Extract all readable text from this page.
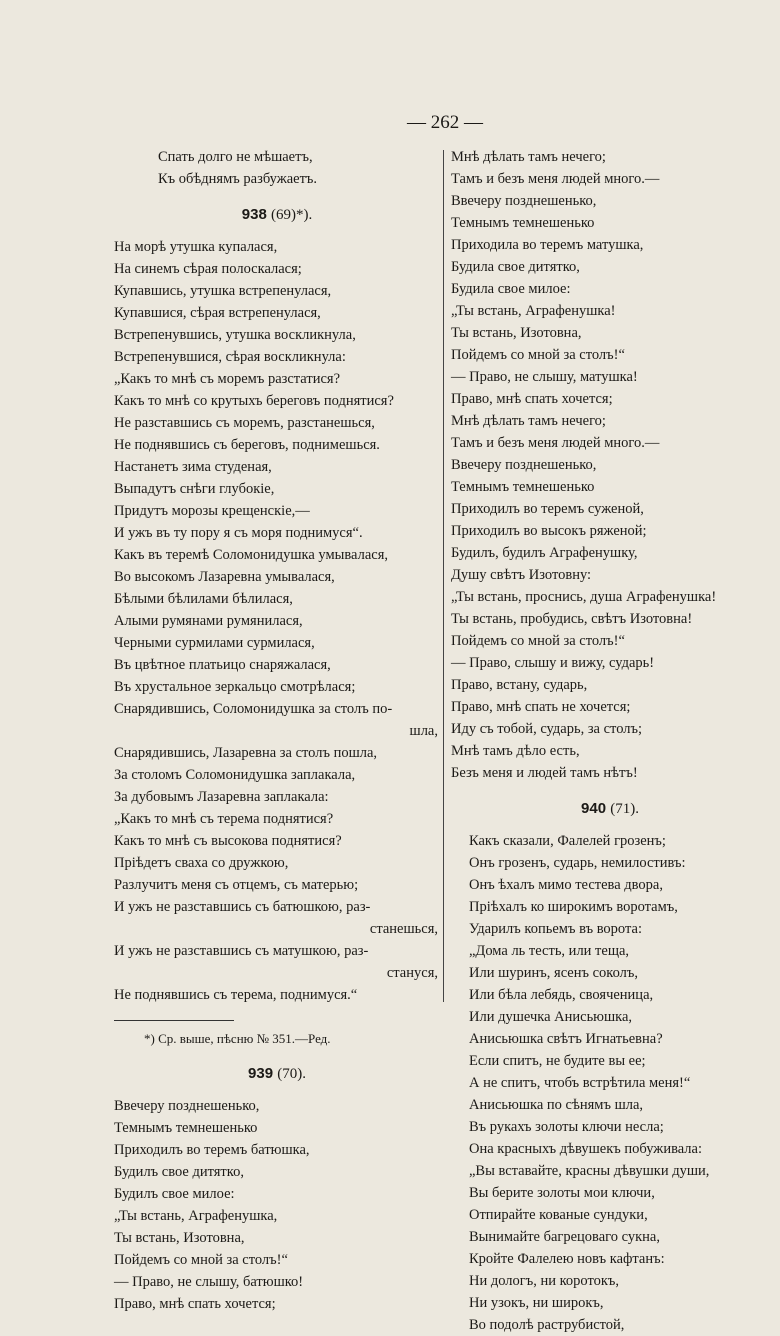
— 262 —
Спать долго не мѣшаетъ,
Къ обѣднямъ разбужаетъ.
938 (69)*).
На морѣ утушка купалася,
На синемъ сѣрая полоскалася;
Купавшись, утушка встрепенулася,
Купавшися, сѣрая встрепенулася,
Встрепенувшись, утушка воскликнула,
Встрепенувшися, сѣрая воскликнула:
„Какъ то мнѣ съ моремъ разстатися?
Какъ то мнѣ со крутыхъ береговъ поднятися?
Не разставшись съ моремъ, разстанешься,
Не поднявшись съ береговъ, поднимешься.
Настанетъ зима студеная,
Выпадутъ снѣги глубокіе,
Придутъ морозы крещенскіе,—
И ужъ въ ту пору я съ моря поднимуся“.
Какъ въ теремѣ Соломонидушка умывалася,
Во высокомъ Лазаревна умывалася,
Бѣлыми бѣлилами бѣлилася,
Алыми румянами румянилася,
Черными сурмилами сурмилася,
Въ цвѣтное платьицо снаряжалася,
Въ хрустальное зеркальцо смотрѣлася;
Снарядившись, Соломонидушка за столъ по-
шла,
Снарядившись, Лазаревна за столъ пошла,
За столомъ Соломонидушка заплакала,
За дубовымъ Лазаревна заплакала:
„Какъ то мнѣ съ терема поднятися?
Какъ то мнѣ съ высокова поднятися?
Пріѣдетъ сваха со дружкою,
Разлучитъ меня съ отцемъ, съ матерью;
И ужъ не разставшись съ батюшкою, раз-
станешься,
И ужъ не разставшись съ матушкою, раз-
стануся,
Не поднявшись съ терема, поднимуся.“
*) Ср. выше, пѣсню № 351.—Ред.
939 (70).
Ввечеру позднешенько,
Темнымъ темнешенько
Приходилъ во теремъ батюшка,
Будилъ свое дитятко,
Будилъ свое милое:
„Ты встань, Аграфенушка,
Ты встань, Изотовна,
Пойдемъ со мной за столъ!“
— Право, не слышу, батюшко!
Право, мнѣ спать хочется;
Мнѣ дѣлать тамъ нечего;
Тамъ и безъ меня людей много.—
Ввечеру позднешенько,
Темнымъ темнешенько
Приходила во теремъ матушка,
Будила свое дитятко,
Будила свое милое:
„Ты встань, Аграфенушка!
Ты встань, Изотовна,
Пойдемъ со мной за столъ!“
— Право, не слышу, матушка!
Право, мнѣ спать хочется;
Мнѣ дѣлать тамъ нечего;
Тамъ и безъ меня людей много.—
Ввечеру позднешенько,
Темнымъ темнешенько
Приходилъ во теремъ суженой,
Приходилъ во высокъ ряженой;
Будилъ, будилъ Аграфенушку,
Душу свѣтъ Изотовну:
„Ты встань, проснись, душа Аграфенушка!
Ты встань, пробудись, свѣтъ Изотовна!
Пойдемъ со мной за столъ!“
— Право, слышу и вижу, сударь!
Право, встану, сударь,
Право, мнѣ спать не хочется;
Иду съ тобой, сударь, за столъ;
Мнѣ тамъ дѣло есть,
Безъ меня и людей тамъ нѣтъ!
940 (71).
Какъ сказали, Фалелей грозенъ;
Онъ грозенъ, сударь, немилостивъ:
Онъ ѣхалъ мимо тестева двора,
Пріѣхалъ ко широкимъ воротамъ,
Ударилъ копьемъ въ ворота:
„Дома ль тесть, или теща,
Или шуринъ, ясенъ соколъ,
Или бѣла лебядь, своячeница,
Или душечка Анисьюшка,
Анисьюшка свѣтъ Игнатьевна?
Если спитъ, не будите вы ее;
А не спитъ, чтобъ встрѣтила меня!“
Анисьюшка по сѣнямъ шла,
Въ рукахъ золоты ключи несла;
Она красныхъ дѣвушекъ побуживала:
„Вы вставайте, красны дѣвушки души,
Вы берите золоты мои ключи,
Отпирайте кованые сундуки,
Вынимайте багрецоваго сукна,
Кройте Фалелею новъ кафтанъ:
Ни дологъ, ни коротокъ,
Ни узокъ, ни широкъ,
Во подолѣ раструбистой,
